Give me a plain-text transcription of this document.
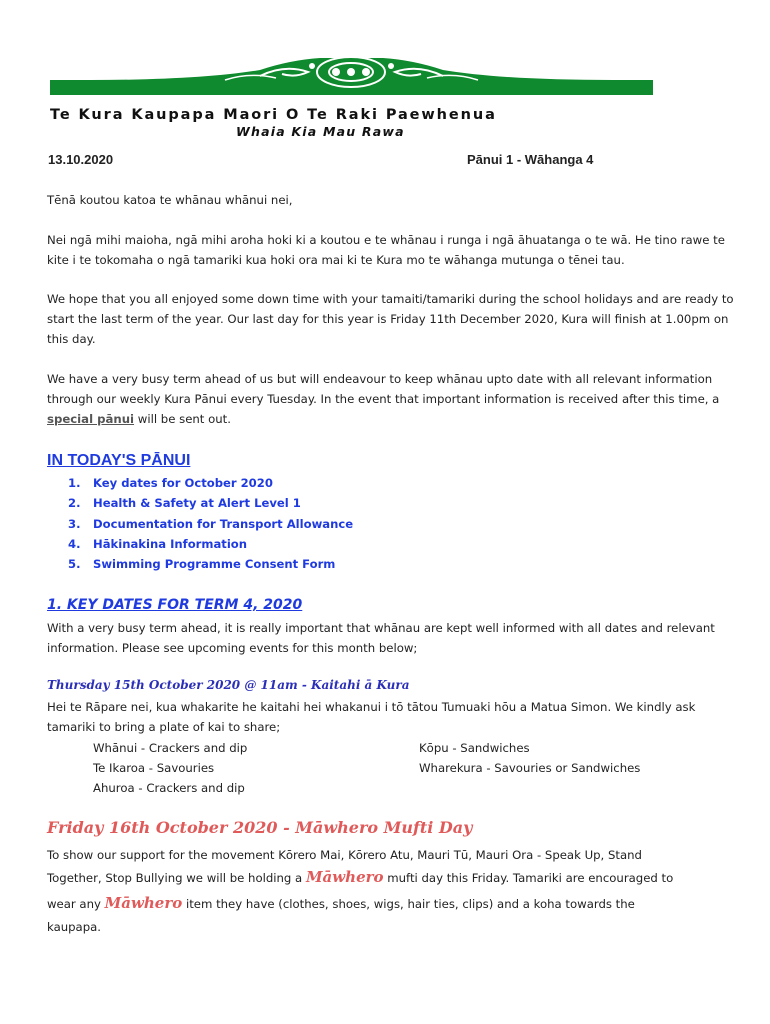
Te Kura Kaupapa Maori O Te Raki Paewhenua
Whaia Kia Mau Rawa
13.10.2020	Pānui 1 - Wāhanga 4

Tēnā koutou katoa te whānau whānui nei,

Nei ngā mihi maioha, ngā mihi aroha hoki ki a koutou e te whānau i runga i ngā āhuatanga o te wā. He tino rawe te kite i te tokomaha o ngā tamariki kua hoki ora mai ki te Kura mo te wāhanga mutunga o tēnei tau.

We hope that you all enjoyed some down time with your tamaiti/tamariki during the school holidays and are ready to start the last term of the year. Our last day for this year is Friday 11th December 2020, Kura will finish at 1.00pm on this day.

We have a very busy term ahead of us but will endeavour to keep whānau upto date with all relevant information through our weekly Kura Pānui every Tuesday. In the event that important information is received after this time, a special pānui will be sent out.

IN TODAY'S PĀNUI
1. Key dates for October 2020
2. Health & Safety at Alert Level 1
3. Documentation for Transport Allowance
4. Hākinakina Information
5. Swimming Programme Consent Form
1. KEY DATES FOR TERM 4, 2020

With a very busy term ahead, it is really important that whānau are kept well informed with all dates and relevant information. Please see upcoming events for this month below;

Thursday 15th October 2020 @ 11am - Kaitahi ā Kura

Hei te Rāpare nei, kua whakarite he kaitahi hei whakanui i tō tātou Tumuaki hōu a Matua Simon. We kindly ask tamariki to bring a plate of kai to share;

Whānui - Crackers and dip
Te Ikaroa - Savouries
Ahuroa - Crackers and dip
Kōpu - Sandwiches
Wharekura - Savouries or Sandwiches
Friday 16th October 2020 - Māwhero Mufti Day

To show our support for the movement Kōrero Mai, Kōrero Atu, Mauri Tū, Mauri Ora - Speak Up, Stand

Together, Stop Bullying we will be holding a Māwhero mufti day this Friday. Tamariki are encouraged to

wear any Māwhero item they have (clothes, shoes, wigs, hair ties, clips) and a koha towards the

kaupapa.
